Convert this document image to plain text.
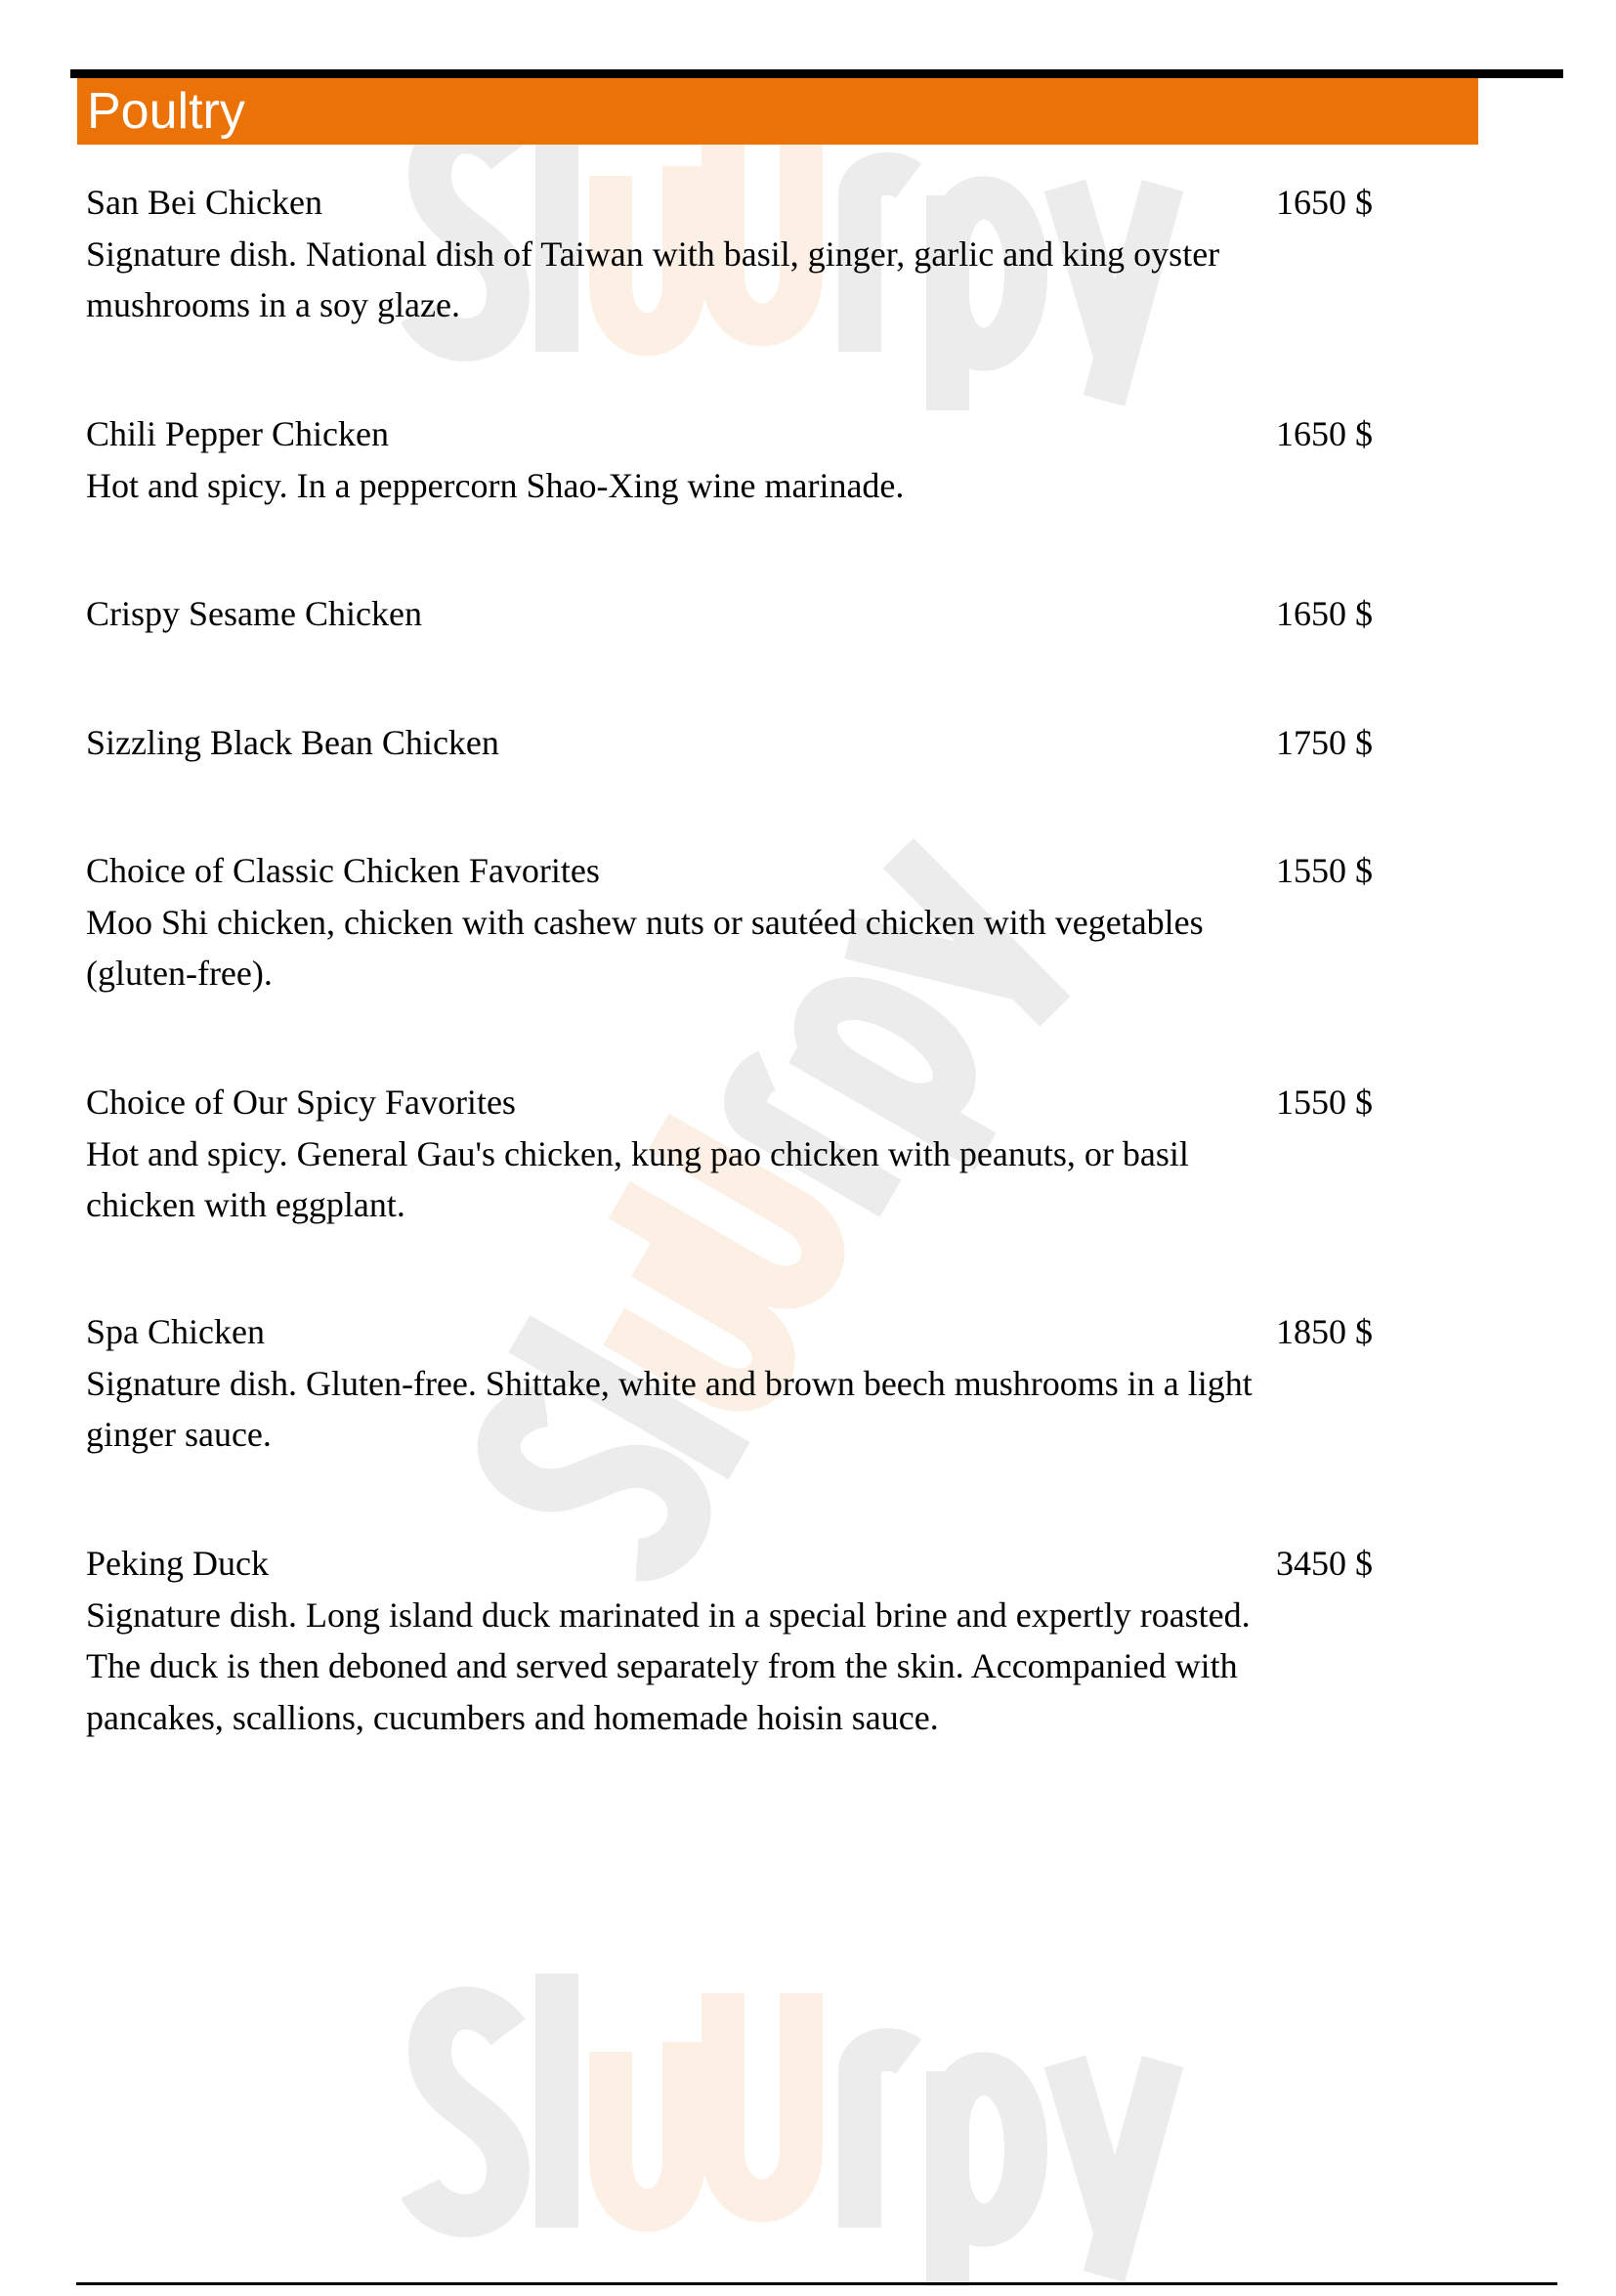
Poultry
San Bei Chicken	1650 $
Signature dish. National dish of Taiwan with basil, ginger, garlic and king oyster mushrooms in a soy glaze.
Chili Pepper Chicken	1650 $
Hot and spicy. In a peppercorn Shao-Xing wine marinade.
Crispy Sesame Chicken	1650 $
Sizzling Black Bean Chicken	1750 $
Choice of Classic Chicken Favorites	1550 $
Moo Shi chicken, chicken with cashew nuts or sautéed chicken with vegetables (gluten-free).
Choice of Our Spicy Favorites	1550 $
Hot and spicy. General Gau's chicken, kung pao chicken with peanuts, or basil chicken with eggplant.
Spa Chicken	1850 $
Signature dish. Gluten-free. Shittake, white and brown beech mushrooms in a light ginger sauce.
Peking Duck	3450 $
Signature dish. Long island duck marinated in a special brine and expertly roasted. The duck is then deboned and served separately from the skin. Accompanied with pancakes, scallions, cucumbers and homemade hoisin sauce.
